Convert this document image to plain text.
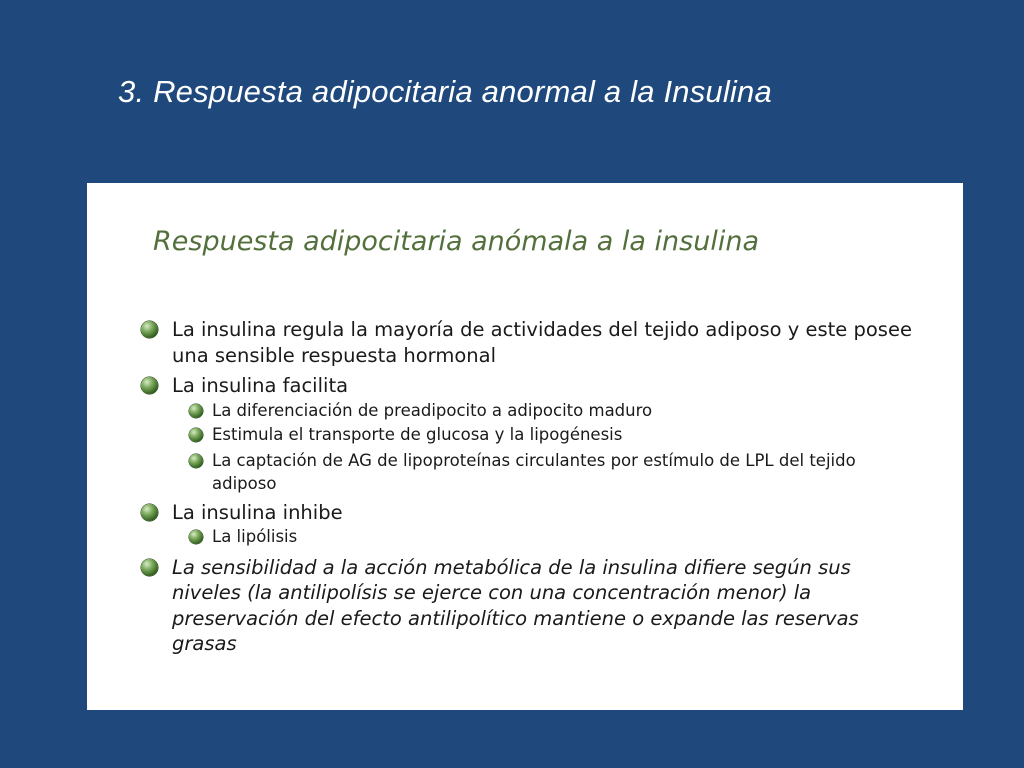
3. Respuesta adipocitaria anormal a la Insulina
Respuesta adipocitaria anómala a la insulina
La insulina regula la mayoría de actividades del tejido adiposo y este posee una sensible respuesta hormonal
La insulina facilita
La diferenciación de preadipocito a adipocito maduro
Estimula el transporte de glucosa y la lipogénesis
La captación de AG de lipoproteínas circulantes por estímulo de LPL del tejido adiposo
La insulina inhibe
La lipólisis
La sensibilidad a la acción metabólica de la insulina difiere según sus niveles (la antilipolísis se ejerce con una concentración menor) la preservación del efecto antilipolítico mantiene o expande las reservas grasas
